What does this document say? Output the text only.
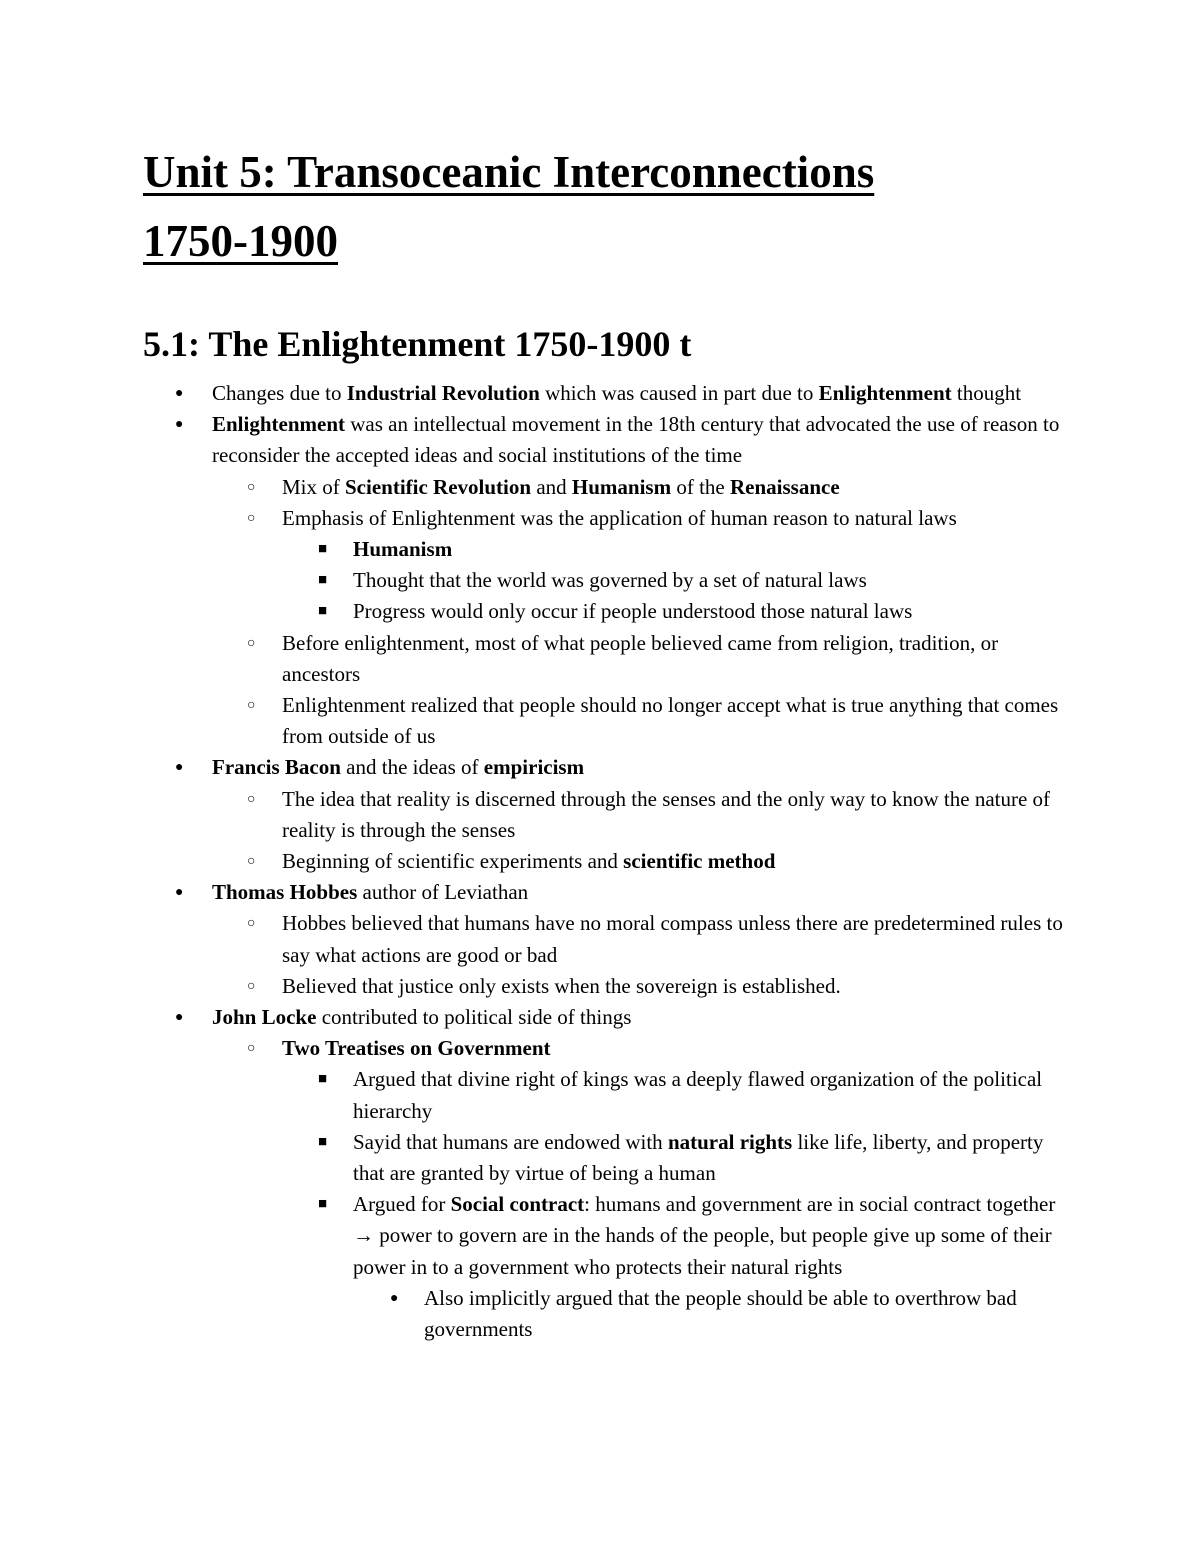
Unit 5: Transoceanic Interconnections
1750-1900
5.1: The Enlightenment 1750-1900 t
● Changes due to Industrial Revolution which was caused in part due to Enlightenment thought
● Enlightenment was an intellectual movement in the 18th century that advocated the use of reason to reconsider the accepted ideas and social institutions of the time
○ Mix of Scientific Revolution and Humanism of the Renaissance
○ Emphasis of Enlightenment was the application of human reason to natural laws
■ Humanism
■ Thought that the world was governed by a set of natural laws
■ Progress would only occur if people understood those natural laws
○ Before enlightenment, most of what people believed came from religion, tradition, or ancestors
○ Enlightenment realized that people should no longer accept what is true anything that comes from outside of us
● Francis Bacon and the ideas of empiricism
○ The idea that reality is discerned through the senses and the only way to know the nature of reality is through the senses
○ Beginning of scientific experiments and scientific method
● Thomas Hobbes author of Leviathan
○ Hobbes believed that humans have no moral compass unless there are predetermined rules to say what actions are good or bad
○ Believed that justice only exists when the sovereign is established.
● John Locke contributed to political side of things
○ Two Treatises on Government
■ Argued that divine right of kings was a deeply flawed organization of the political hierarchy
■ Sayid that humans are endowed with natural rights like life, liberty, and property that are granted by virtue of being a human
■ Argued for Social contract: humans and government are in social contract together → power to govern are in the hands of the people, but people give up some of their power in to a government who protects their natural rights
● Also implicitly argued that the people should be able to overthrow bad governments
